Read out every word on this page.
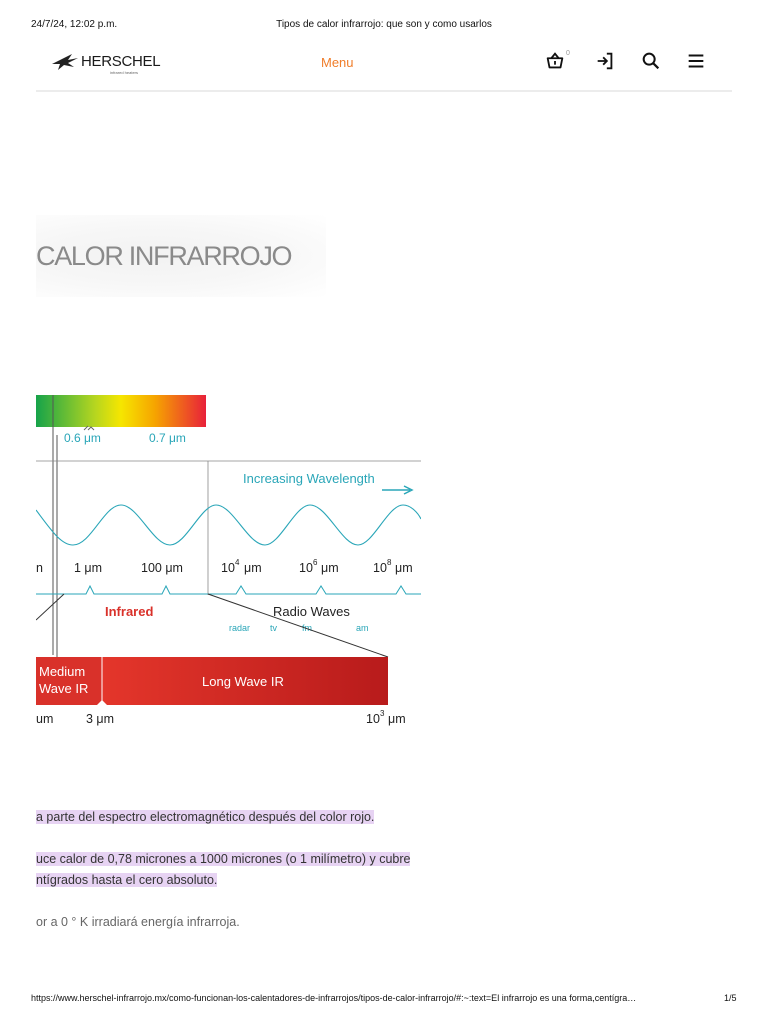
24/7/24, 12:02 p.m.	Tipos de calor infrarrojo: que son y como usarlos
HERSCHEL
infrared heaters
Menu
0
CALOR INFRARROJO
0.6 μm	0.7 μm
Increasing Wavelength
n 1 μm	100 μm	10 4 μm	10 6 μm	10 8 μm
Infrared	Radio Waves
radar tv	fm	am
Medium
Wave IR	Long Wave IR
um	3 μm	10 3 μm
a parte del espectro electromagnético después del color rojo.
uce calor de 0,78 micrones a 1000 micrones (o 1 milímetro) y cubre
ntígrados hasta el cero absoluto.
or a 0 ° K irradiará energía infrarroja.
https://www.herschel-infrarrojo.mx/como-funcionan-los-calentadores-de-infrarrojos/tipos-de-calor-infrarrojo/#:~:text=El infrarrojo es una forma,centígra…	1/5
